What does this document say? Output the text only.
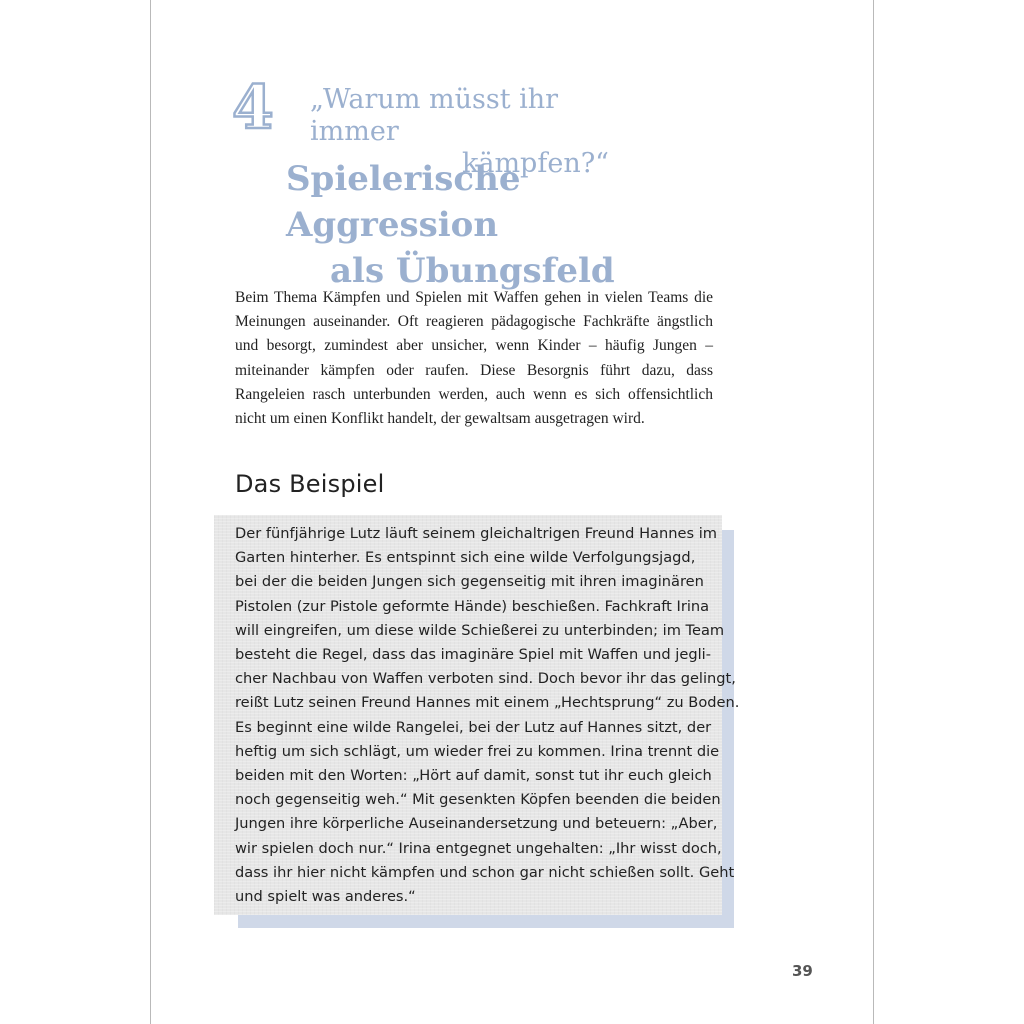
4 „Warum müsst ihr immer
kämpfen?“
Spielerische Aggression
als Übungsfeld

Beim Thema Kämpfen und Spielen mit Waffen gehen in vielen Teams die Meinungen auseinander. Oft reagieren pädagogische Fachkräfte ängstlich und besorgt, zumindest aber unsicher, wenn Kinder – häufig Jungen – miteinander kämpfen oder raufen. Diese Besorgnis führt dazu, dass Rangeleien rasch unterbunden werden, auch wenn es sich offensichtlich nicht um einen Konflikt handelt, der gewaltsam ausgetragen wird.

Das Beispiel
Der fünfjährige Lutz läuft seinem gleichaltrigen Freund Hannes im
Garten hinterher. Es entspinnt sich eine wilde Verfolgungsjagd,
bei der die beiden Jungen sich gegenseitig mit ihren imaginären
Pistolen (zur Pistole geformte Hände) beschießen. Fachkraft Irina
will eingreifen, um diese wilde Schießerei zu unterbinden; im Team
besteht die Regel, dass das imaginäre Spiel mit Waffen und jegli-
cher Nachbau von Waffen verboten sind. Doch bevor ihr das gelingt,
reißt Lutz seinen Freund Hannes mit einem „Hechtsprung“ zu Boden.
Es beginnt eine wilde Rangelei, bei der Lutz auf Hannes sitzt, der
heftig um sich schlägt, um wieder frei zu kommen. Irina trennt die
beiden mit den Worten: „Hört auf damit, sonst tut ihr euch gleich
noch gegenseitig weh.“ Mit gesenkten Köpfen beenden die beiden
Jungen ihre körperliche Auseinandersetzung und beteuern: „Aber,
wir spielen doch nur.“ Irina entgegnet ungehalten: „Ihr wisst doch,
dass ihr hier nicht kämpfen und schon gar nicht schießen sollt. Geht
und spielt was anderes.“
39
